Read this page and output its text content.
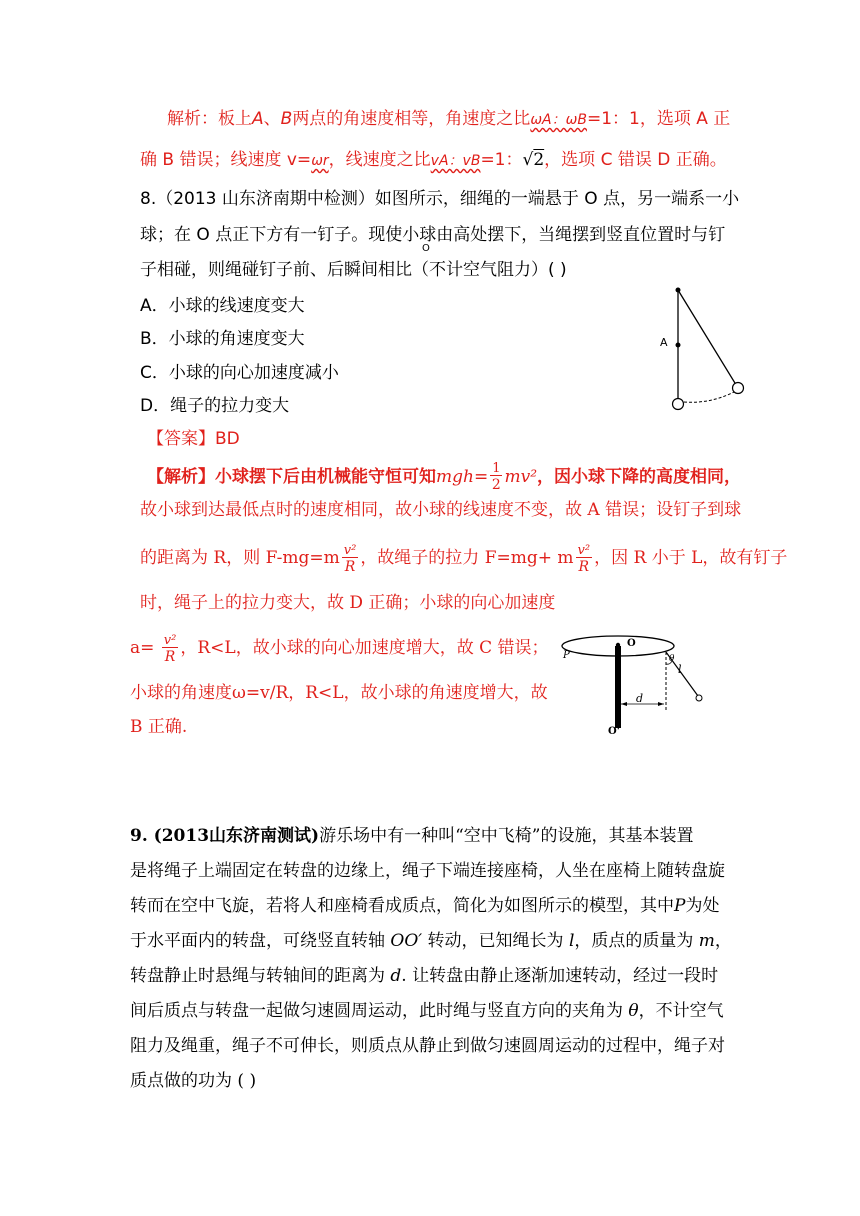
解析：板上A、B两点的角速度相等，角速度之比ωA：ωB=1：1，选项 A 正
确 B 错误；线速度 v=ωr，线速度之比vA：vB=1：√2，选项 C 错误 D 正确。
8.（2013 山东济南期中检测）如图所示，细绳的一端悬于 O 点，另一端系一小
球；在 O 点正下方有一钉子。现使小球由高处摆下，当绳摆到竖直位置时与钉
O
子相碰，则绳碰钉子前、后瞬间相比（不计空气阻力）( )
A．小球的线速度变大
B．小球的角速度变大
C．小球的向心加速度减小
D．绳子的拉力变大
A
【答案】BD
【解析】小球摆下后由机械能守恒可知$mgh= \frac{1}{2} mv^2$，因小球下降的高度相同，
故小球到达最低点时的速度相同，故小球的线速度不变，故 A 错误；设钉子到球
的距离为 R，则 $F-mg=m \frac{\text{v²}}{R}$ ，故绳子的拉力 F=mg+ m $\frac{\text{v²}}{R}$ ，因 R 小于 L，故有钉子
时，绳子上的拉力变大，故 D 正确；小球的向心加速度
$a= \frac{\text{v²}}{R}$ ，R<L，故小球的向心加速度增大，故 C 错误；
小球的角速度ω=v/R，R<L，故小球的角速度增大，故
B 正确.
O
P	θ
l
d
O'
9. (2013山东济南测试)游乐场中有一种叫“空中飞椅”的设施，其基本装置
是将绳子上端固定在转盘的边缘上，绳子下端连接座椅，人坐在座椅上随转盘旋
转而在空中飞旋，若将人和座椅看成质点，简化为如图所示的模型，其中P为处
于水平面内的转盘，可绕竖直转轴 OO′ 转动，已知绳长为 l，质点的质量为 m，
转盘静止时悬绳与转轴间的距离为 d. 让转盘由静止逐渐加速转动，经过一段时
间后质点与转盘一起做匀速圆周运动，此时绳与竖直方向的夹角为 θ，不计空气
阻力及绳重，绳子不可伸长，则质点从静止到做匀速圆周运动的过程中，绳子对
质点做的功为 ( )
